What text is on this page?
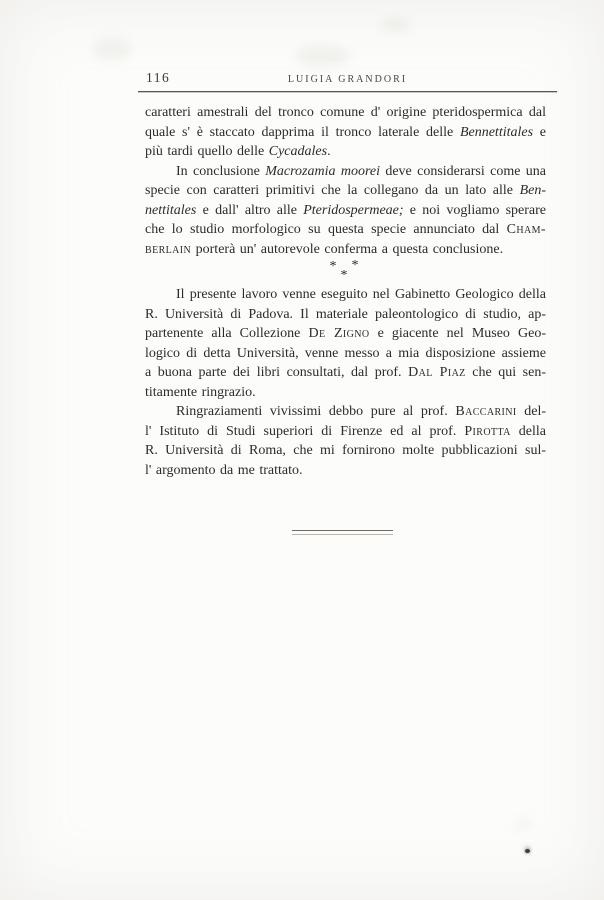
116	LUIGIA GRANDORI
caratteri amestrali del tronco comune d' origine pteridospermica dal
quale s' è staccato dapprima il tronco laterale delle Bennettitales e
più tardi quello delle Cycadales.
In conclusione Macrozamia moorei deve considerarsi come una
specie con caratteri primitivi che la collegano da un lato alle Ben-
nettitales e dall' altro alle Pteridospermeae; e noi vogliamo sperare
che lo studio morfologico su questa specie annunciato dal Cham-
berlain porterà un' autorevole conferma a questa conclusione.
* *
*
Il presente lavoro venne eseguito nel Gabinetto Geologico della
R. Università di Padova. Il materiale paleontologico di studio, ap-
partenente alla Collezione De Zigno e giacente nel Museo Geo-
logico di detta Università, venne messo a mia disposizione assieme
a buona parte dei libri consultati, dal prof. Dal Piaz che qui sen-
titamente ringrazio.
Ringraziamenti vivissimi debbo pure al prof. Baccarini del-
l' Istituto di Studi superiori di Firenze ed al prof. Pirotta della
R. Università di Roma, che mi fornirono molte pubblicazioni sul-
l' argomento da me trattato.
